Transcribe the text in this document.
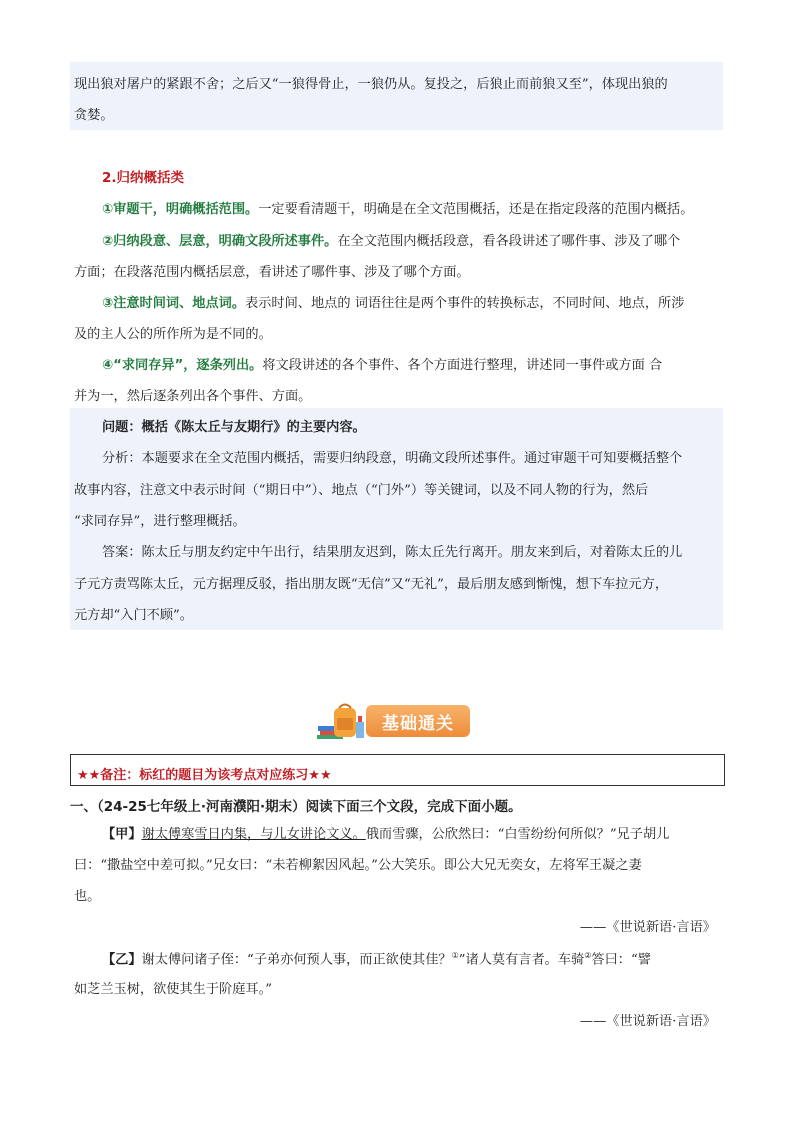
现出狼对屠户的紧跟不舍；之后又“一狼得骨止，一狼仍从。复投之，后狼止而前狼又至”，体现出狼的
贪婪。
2.归纳概括类
①审题干，明确概括范围。一定要看清题干，明确是在全文范围概括，还是在指定段落的范围内概括。
②归纳段意、层意，明确文段所述事件。在全文范围内概括段意，看各段讲述了哪件事、涉及了哪个
方面；在段落范围内概括层意，看讲述了哪件事、涉及了哪个方面。
③注意时间词、地点词。表示时间、地点的 词语往往是两个事件的转换标志，不同时间、地点，所涉
及的主人公的所作所为是不同的。
④“求同存异”，逐条列出。将文段讲述的各个事件、各个方面进行整理，讲述同一事件或方面 合
并为一，然后逐条列出各个事件、方面。
问题：概括《陈太丘与友期行》的主要内容。
分析：本题要求在全文范围内概括，需要归纳段意，明确文段所述事件。通过审题干可知要概括整个
故事内容，注意文中表示时间（“期日中”）、地点（“门外”）等关键词，以及不同人物的行为，然后
“求同存异”，进行整理概括。
答案：陈太丘与朋友约定中午出行，结果朋友迟到，陈太丘先行离开。朋友来到后，对着陈太丘的儿
子元方责骂陈太丘，元方据理反驳，指出朋友既“无信”又“无礼”，最后朋友感到惭愧，想下车拉元方，
元方却“入门不顾”。
基础通关
★★备注：标红的题目为该考点对应练习★★
一、（24-25七年级上·河南濮阳·期末）阅读下面三个文段，完成下面小题。
【甲】谢太傅寒雪日内集，与儿女讲论文义。俄而雪骤，公欣然曰：“白雪纷纷何所似？”兄子胡儿
曰：“撒盐空中差可拟。”兄女曰：“未若柳絮因风起。”公大笑乐。即公大兄无奕女，左将军王凝之妻
也。
——《世说新语·言语》
【乙】谢太傅问诸子侄：“子弟亦何预人事，而正欲使其佳？①”诸人莫有言者。车骑②答曰：“譬
如芝兰玉树，欲使其生于阶庭耳。”
——《世说新语·言语》
